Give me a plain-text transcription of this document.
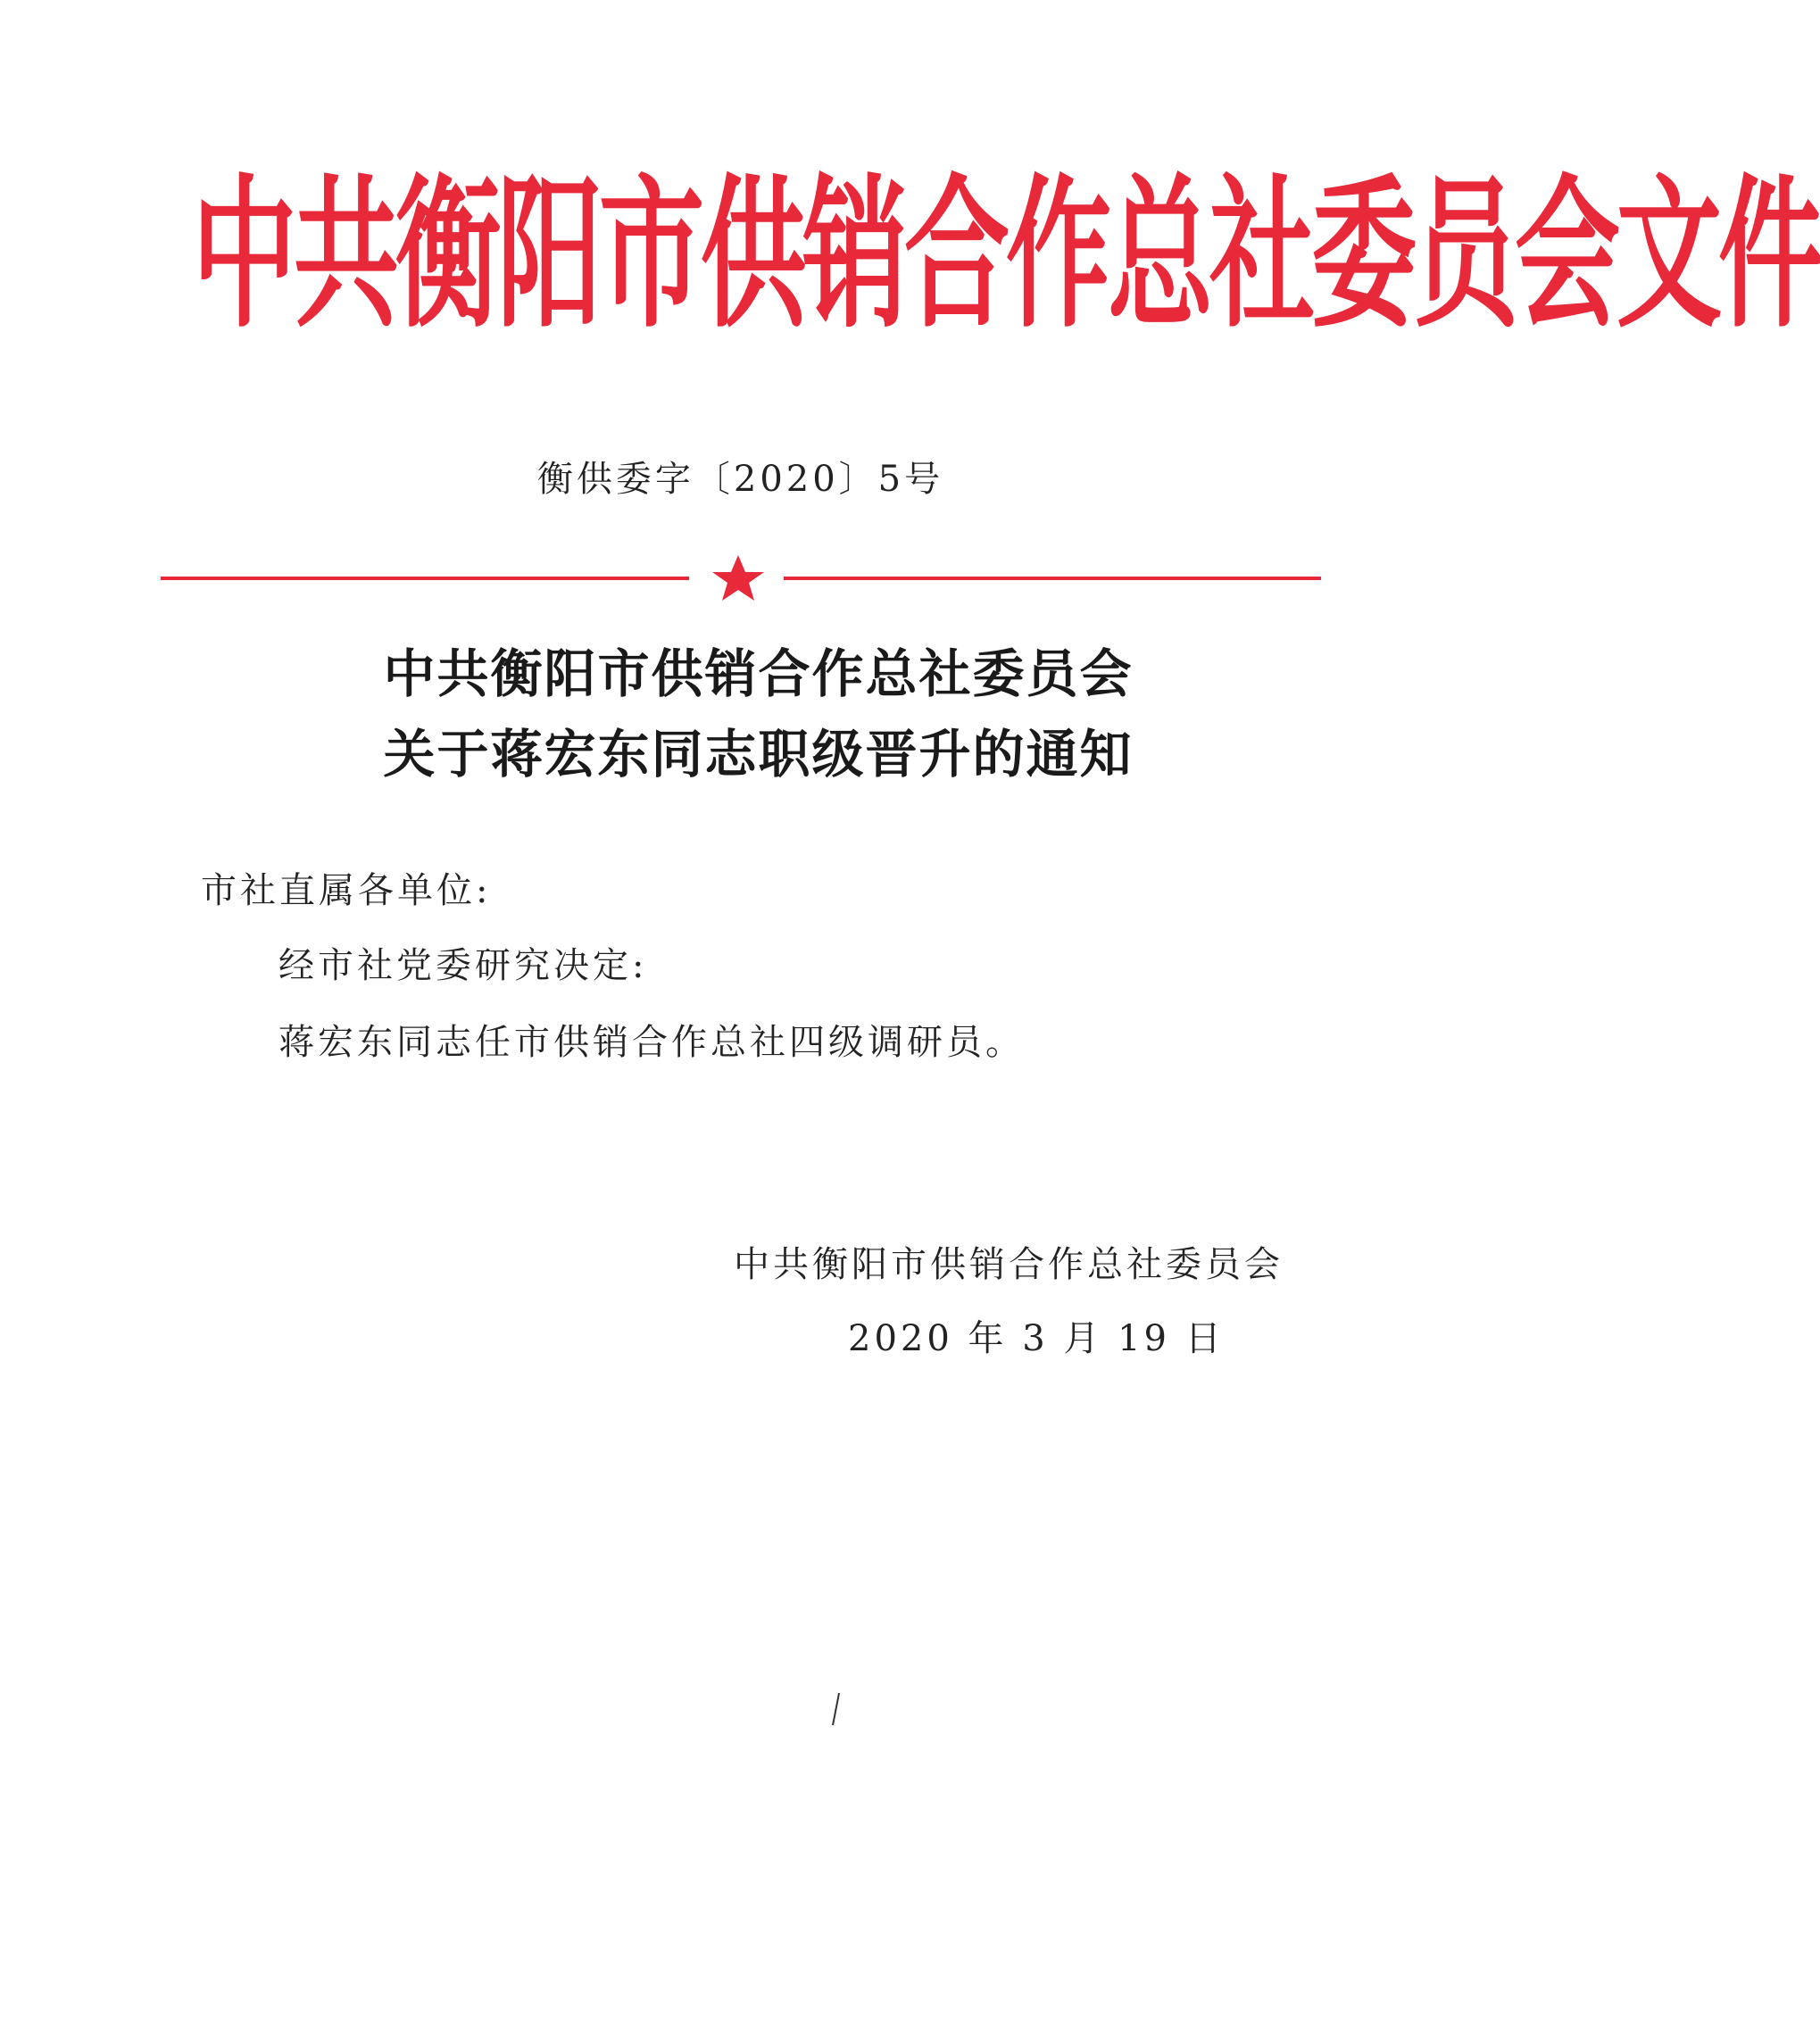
中共衡阳市供销合作总社委员会文件
衡供委字〔2020〕5号
中共衡阳市供销合作总社委员会
关于蒋宏东同志职级晋升的通知
市社直属各单位:
经市社党委研究决定:
蒋宏东同志任市供销合作总社四级调研员。
中共衡阳市供销合作总社委员会
2020 年 3 月 19 日
